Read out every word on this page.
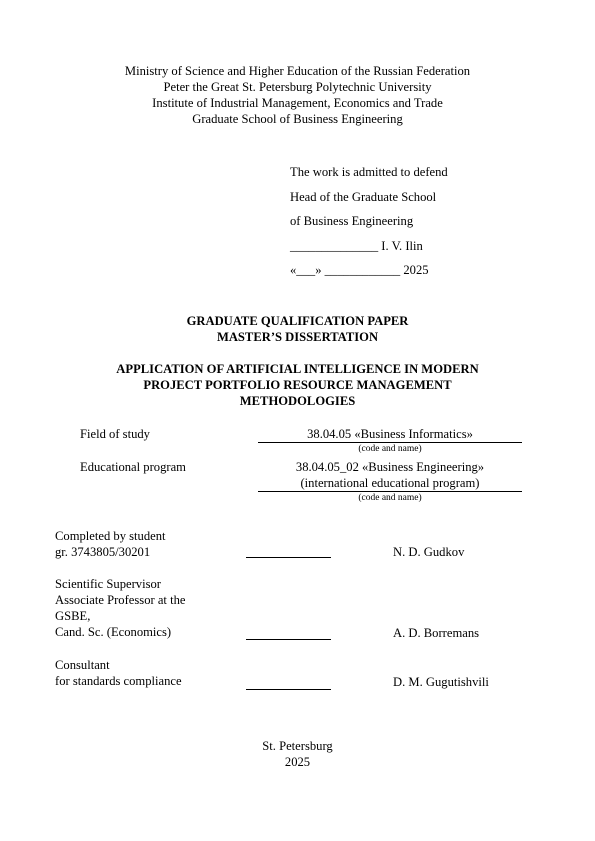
Ministry of Science and Higher Education of the Russian Federation
Peter the Great St. Petersburg Polytechnic University
Institute of Industrial Management, Economics and Trade
Graduate School of Business Engineering
The work is admitted to defend
Head of the Graduate School
of Business Engineering
______________ I. V. Ilin
«___» ____________ 2025
GRADUATE QUALIFICATION PAPER
MASTER’S DISSERTATION
APPLICATION OF ARTIFICIAL INTELLIGENCE IN MODERN
PROJECT PORTFOLIO RESOURCE MANAGEMENT
METHODOLOGIES
Field of study	38.04.05 «Business Informatics»
(code and name)
Educational program	38.04.05_02 «Business Engineering»
(international educational program)
(code and name)
Completed by student
gr. 3743805/30201	N. D. Gudkov
Scientific Supervisor
Associate Professor at the
GSBE,
Cand. Sc. (Economics)	A. D. Borremans
Consultant
for standards compliance	D. M. Gugutishvili
St. Petersburg
2025
